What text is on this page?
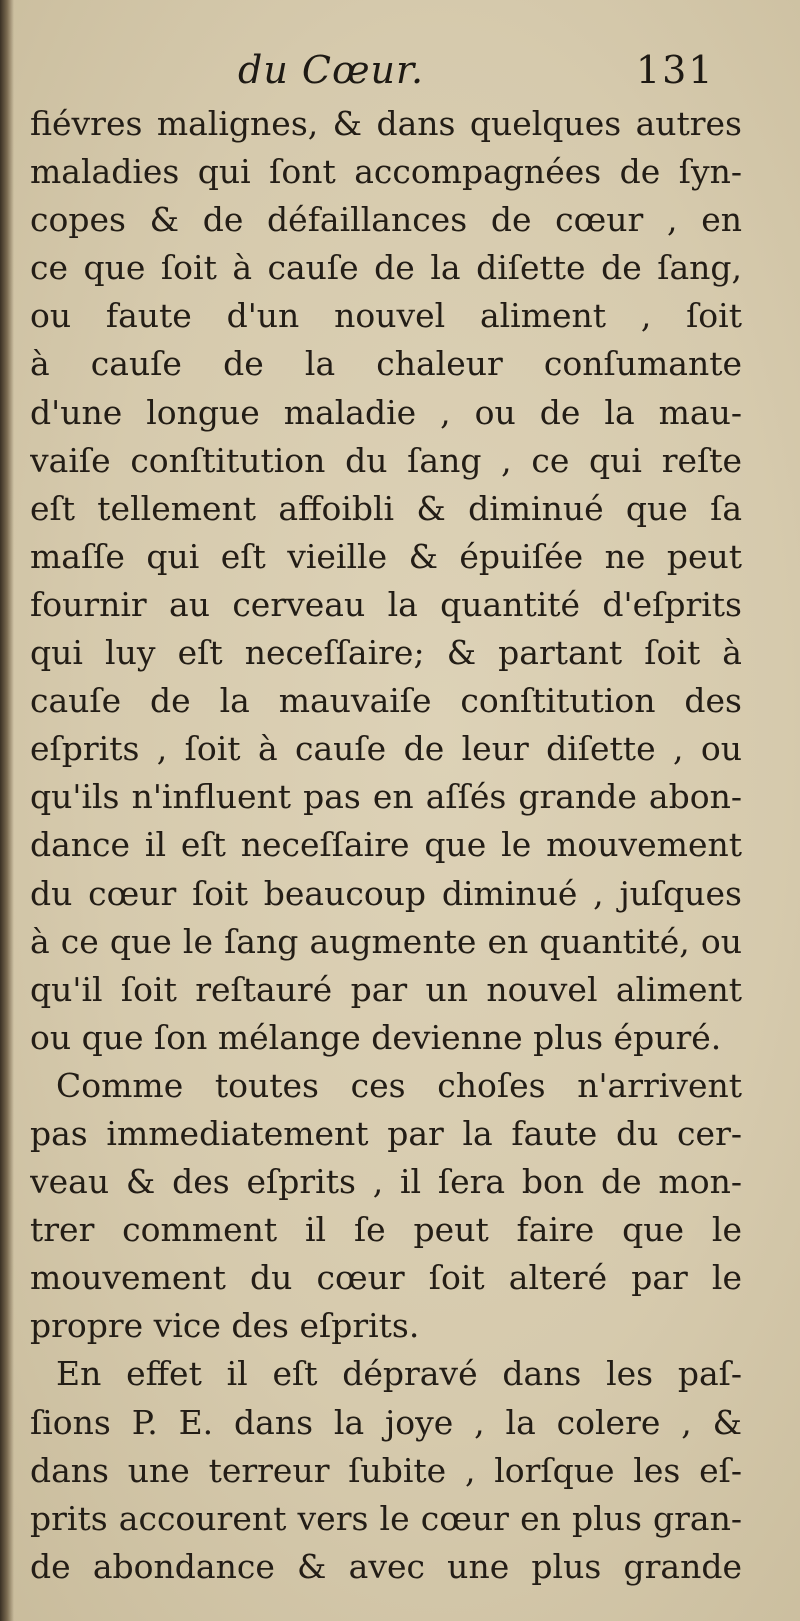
du Cœur.	131
fiévres malignes, & dans quelques autres
maladies qui ſont accompagnées de ſyn-
copes & de défaillances de cœur , en
ce que ſoit à cauſe de la diſette de ſang,
ou faute d'un nouvel aliment , ſoit
à cauſe de la chaleur conſumante
d'une longue maladie , ou de la mau-
vaiſe conſtitution du ſang , ce qui reſte
eſt tellement affoibli & diminué que ſa
maſſe qui eſt vieille & épuiſée ne peut
fournir au cerveau la quantité d'eſprits
qui luy eſt neceſſaire; & partant ſoit à
cauſe de la mauvaiſe conſtitution des
eſprits , ſoit à cauſe de leur diſette , ou
qu'ils n'influent pas en aſſés grande abon-
dance il eſt neceſſaire que le mouvement
du cœur ſoit beaucoup diminué , juſques
à ce que le ſang augmente en quantité, ou
qu'il ſoit reſtauré par un nouvel aliment
ou que ſon mélange devienne plus épuré.
Comme toutes ces choſes n'arrivent
pas immediatement par la faute du cer-
veau & des eſprits , il ſera bon de mon-
trer comment il ſe peut faire que le
mouvement du cœur ſoit alteré par le
propre vice des eſprits.
En effet il eſt dépravé dans les paſ-
ſions P. E. dans la joye , la colere , &
dans une terreur ſubite , lorſque les eſ-
prits accourent vers le cœur en plus gran-
de abondance & avec une plus grande
